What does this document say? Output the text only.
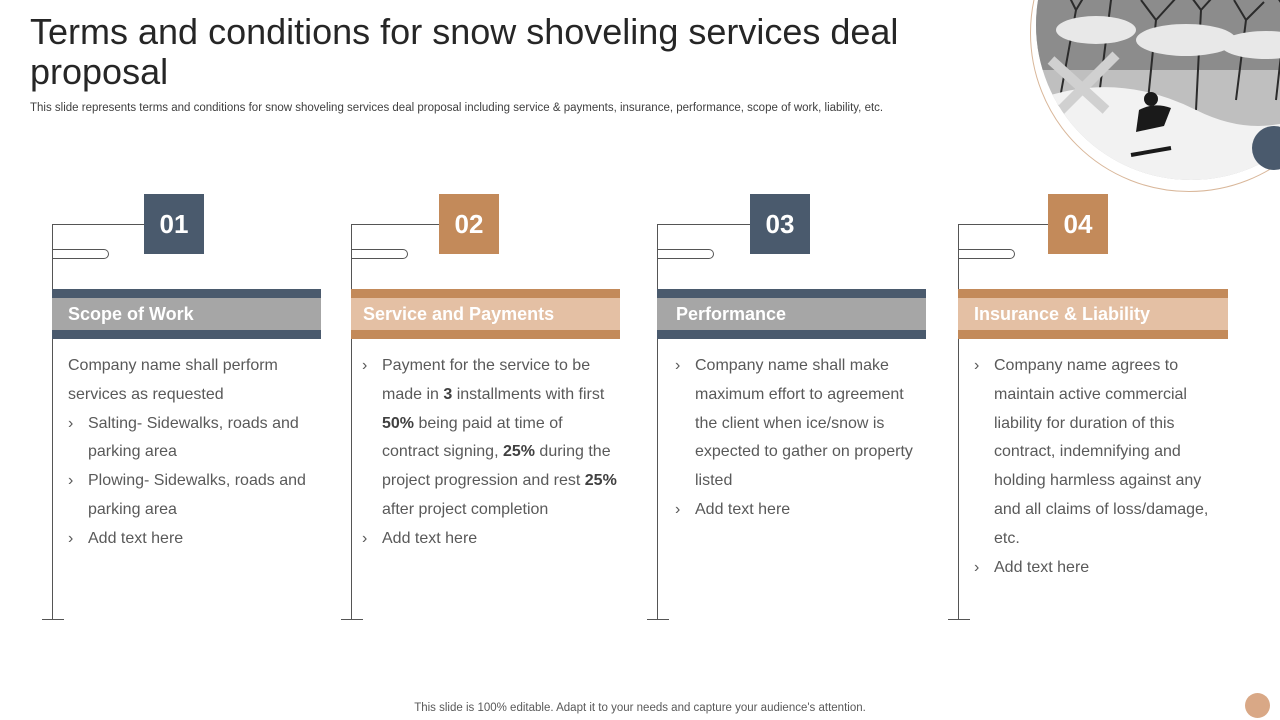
Terms and conditions for snow shoveling services deal proposal
This slide represents terms and conditions for snow shoveling services deal proposal including service & payments, insurance, performance, scope of work, liability, etc.
01
Scope of Work
Company name shall perform services as requested
› Salting- Sidewalks, roads and parking area
› Plowing- Sidewalks, roads and parking area
› Add text here
02
Service and Payments
› Payment for the service to be made in 3 installments with first 50% being paid at time of contract signing, 25% during the project progression and rest 25% after project completion
› Add text here
03
Performance
› Company name shall make maximum effort to agreement the client when ice/snow is expected to gather on property listed
› Add text here
04
Insurance & Liability
› Company name agrees to maintain active commercial liability for duration of this contract, indemnifying and holding harmless against any and all claims of loss/damage, etc.
› Add text here
This slide is 100% editable. Adapt it to your needs and capture your audience's attention.
